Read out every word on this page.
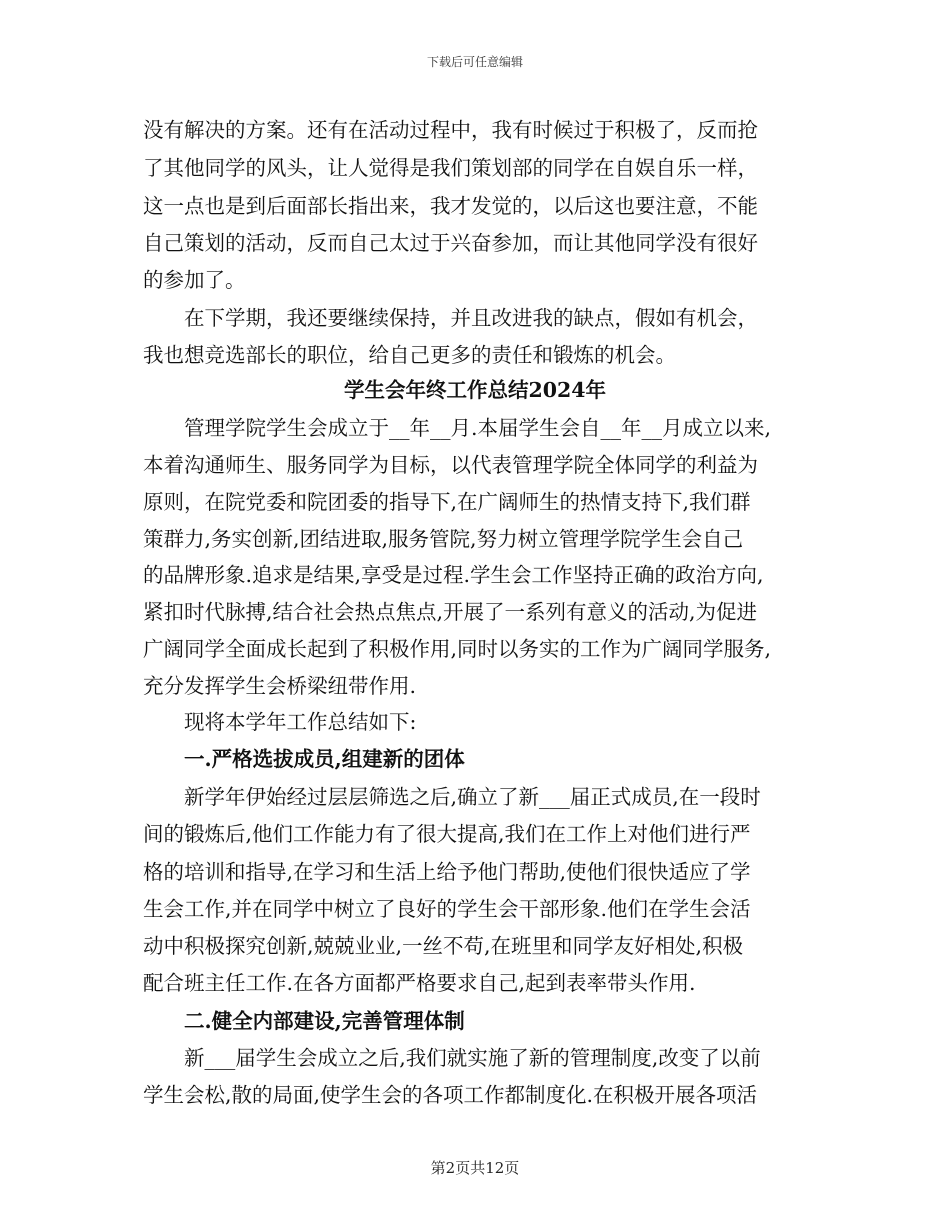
下载后可任意编辑
没有解决的方案。还有在活动过程中，我有时候过于积极了，反而抢
了其他同学的风头，让人觉得是我们策划部的同学在自娱自乐一样，
这一点也是到后面部长指出来，我才发觉的，以后这也要注意，不能
自己策划的活动，反而自己太过于兴奋参加，而让其他同学没有很好
的参加了。
在下学期，我还要继续保持，并且改进我的缺点，假如有机会，
我也想竞选部长的职位，给自己更多的责任和锻炼的机会。
学生会年终工作总结2024年
管理学院学生会成立于__年__月.本届学生会自__年__月成立以来,
本着沟通师生、服务同学为目标，以代表管理学院全体同学的利益为
原则，在院党委和院团委的指导下,在广阔师生的热情支持下,我们群
策群力,务实创新,团结进取,服务管院,努力树立管理学院学生会自己
的品牌形象.追求是结果,享受是过程.学生会工作坚持正确的政治方向,
紧扣时代脉搏,结合社会热点焦点,开展了一系列有意义的活动,为促进
广阔同学全面成长起到了积极作用,同时以务实的工作为广阔同学服务,
充分发挥学生会桥梁纽带作用.
现将本学年工作总结如下:
一.严格选拔成员,组建新的团体
新学年伊始经过层层筛选之后,确立了新___届正式成员,在一段时
间的锻炼后,他们工作能力有了很大提高,我们在工作上对他们进行严
格的培训和指导,在学习和生活上给予他门帮助,使他们很快适应了学
生会工作,并在同学中树立了良好的学生会干部形象.他们在学生会活
动中积极探究创新,兢兢业业,一丝不苟,在班里和同学友好相处,积极
配合班主任工作.在各方面都严格要求自己,起到表率带头作用.
二.健全内部建设,完善管理体制
新___届学生会成立之后,我们就实施了新的管理制度,改变了以前
学生会松,散的局面,使学生会的各项工作都制度化.在积极开展各项活
第2页共12页
